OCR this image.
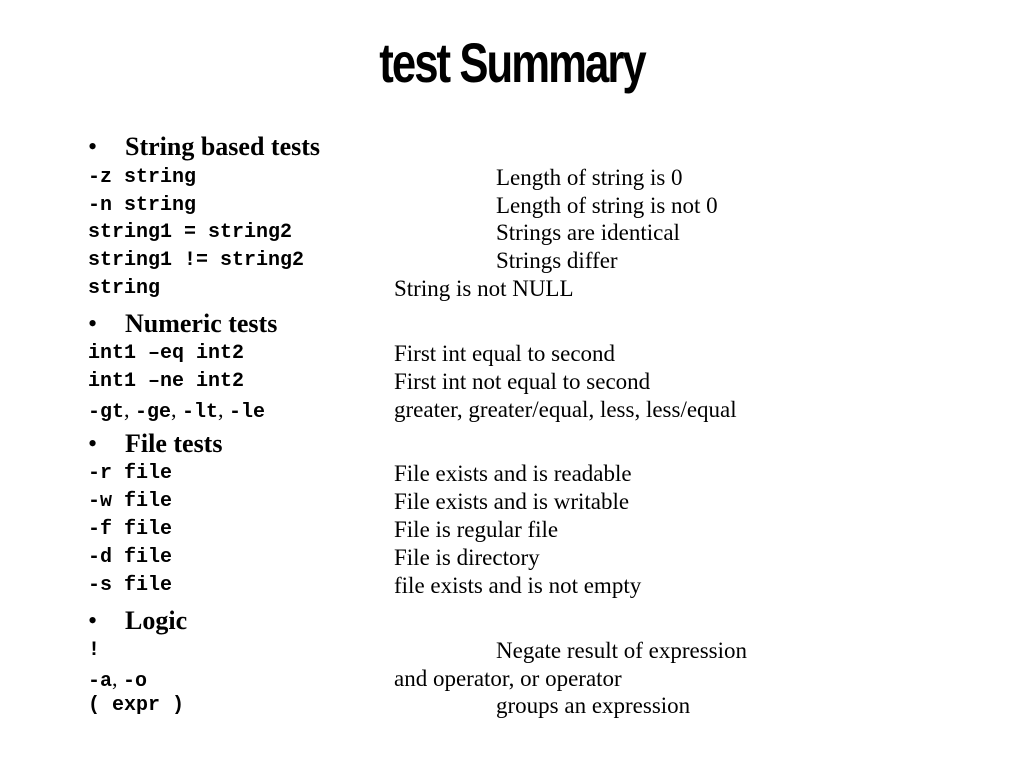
test Summary
• String based tests
-z string	Length of string is 0
-n string	Length of string is not 0
string1 = string2	Strings are identical
string1 != string2	Strings differ
string	String is not NULL
• Numeric tests
int1 –eq int2	First int equal to second
int1 –ne int2	First int not equal to second
-gt, -ge, -lt, -le	greater, greater/equal, less, less/equal
• File tests
-r file	File exists and is readable
-w file	File exists and is writable
-f file	File is regular file
-d file	File is directory
-s file	file exists and is not empty
• Logic
!	Negate result of expression
-a, -o	and operator, or operator
( expr )	groups an expression
